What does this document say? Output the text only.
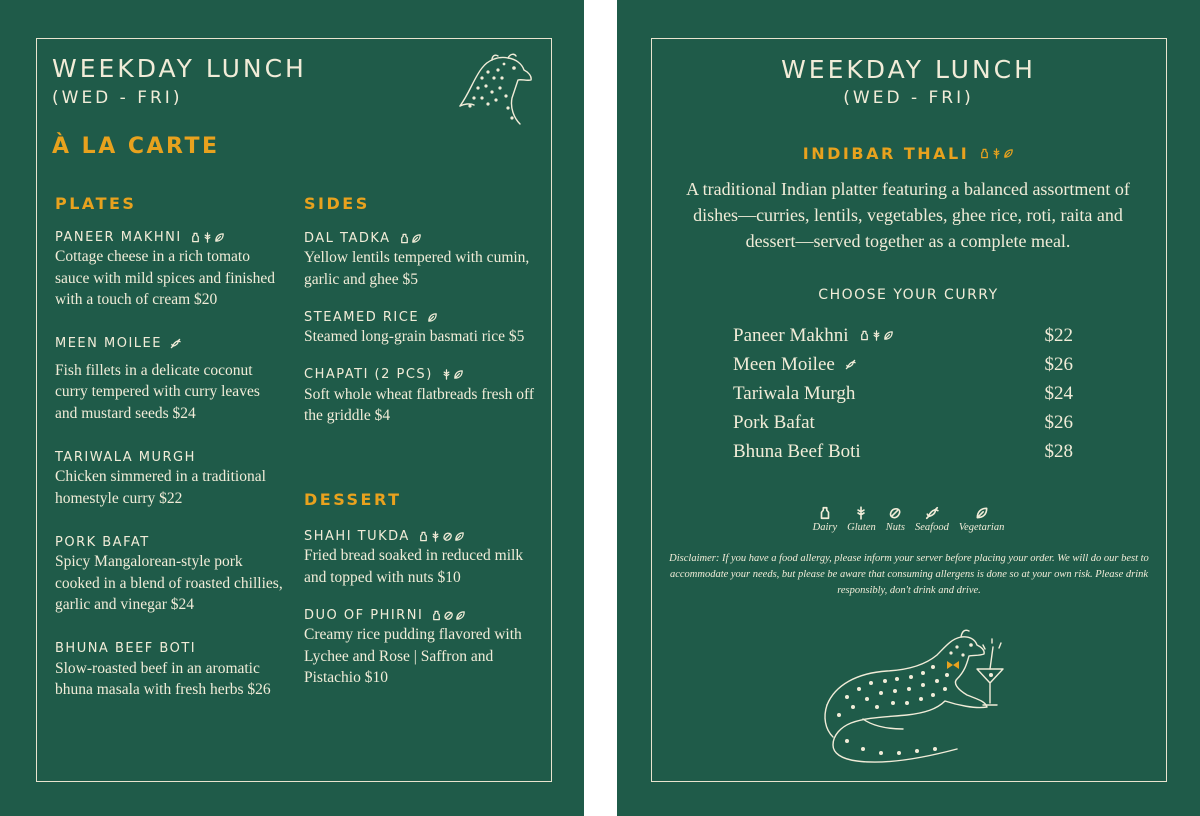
WEEKDAY LUNCH
(WED - FRI)
À LA CARTE
PLATES
PANEER MAKHNI
Cottage cheese in a rich tomato sauce with mild spices and finished with a touch of cream $20
MEEN MOILEE
Fish fillets in a delicate coconut curry tempered with curry leaves and mustard seeds $24
TARIWALA MURGH
Chicken simmered in a traditional homestyle curry $22
PORK BAFAT
Spicy Mangalorean-style pork cooked in a blend of roasted chillies, garlic and vinegar $24
BHUNA BEEF BOTI
Slow-roasted beef in an aromatic bhuna masala with fresh herbs $26
SIDES
DAL TADKA
Yellow lentils tempered with cumin, garlic and ghee $5
STEAMED RICE
Steamed long-grain basmati rice $5
CHAPATI (2 PCS)
Soft whole wheat flatbreads fresh off the griddle $4
DESSERT
SHAHI TUKDA
Fried bread soaked in reduced milk and topped with nuts $10
DUO OF PHIRNI
Creamy rice pudding flavored with Lychee and Rose | Saffron and Pistachio $10
WEEKDAY LUNCH
(WED - FRI)
INDIBAR THALI
A traditional Indian platter featuring a balanced assortment of dishes—curries, lentils, vegetables, ghee rice, roti, raita and dessert—served together as a complete meal.
CHOOSE YOUR CURRY
Paneer Makhni	$22
Meen Moilee	$26
Tariwala Murgh	$24
Pork Bafat	$26
Bhuna Beef Boti	$28
Dairy Gluten Nuts Seafood Vegetarian
Disclaimer: If you have a food allergy, please inform your server before placing your order. We will do our best to accommodate your needs, but please be aware that consuming allergens is done so at your own risk. Please drink responsibly, don't drink and drive.
